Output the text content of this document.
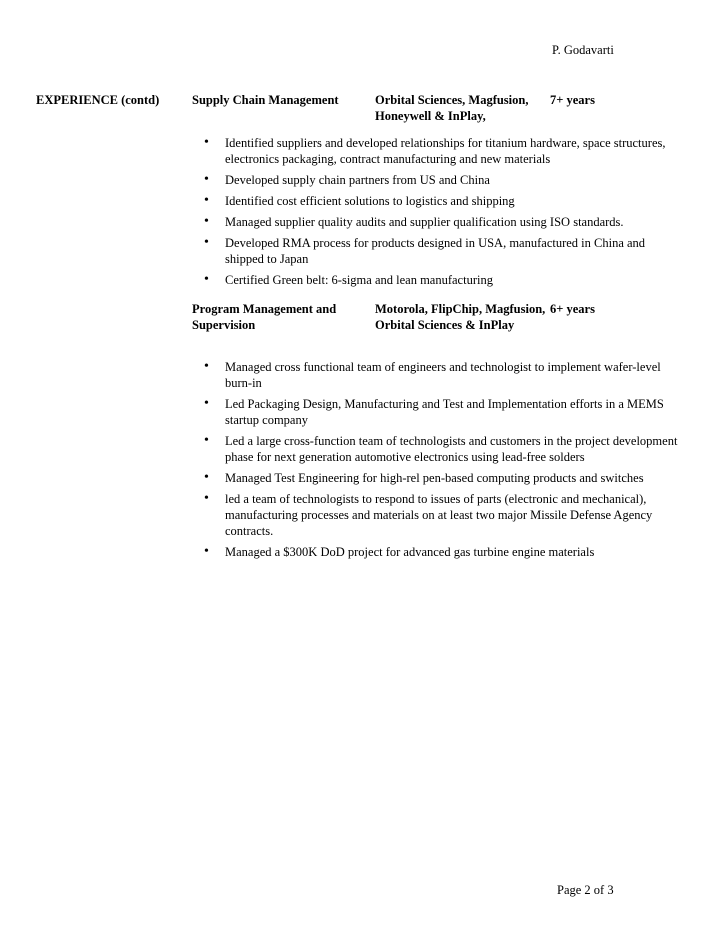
P. Godavarti
EXPERIENCE (contd)	Supply Chain Management	Orbital Sciences, Magfusion, Honeywell & InPlay,
7+ years
• Identified suppliers and developed relationships for titanium hardware, space structures, electronics packaging, contract manufacturing and new materials
• Developed supply chain partners from US and China
• Identified cost efficient solutions to logistics and shipping
• Managed supplier quality audits and supplier qualification using ISO standards.
• Developed RMA process for products designed in USA, manufactured in China and shipped to Japan
• Certified Green belt: 6-sigma and lean manufacturing
Program Management and Supervision
Motorola, FlipChip, Magfusion, Orbital Sciences & InPlay
6+ years
• Managed cross functional team of engineers and technologist to implement wafer-level burn-in
• Led Packaging Design, Manufacturing and Test and Implementation efforts in a MEMS startup company
• Led a large cross-function team of technologists and customers in the project development phase for next generation automotive electronics using lead-free solders
• Managed Test Engineering for high-rel pen-based computing products and switches
• led a team of technologists to respond to issues of parts (electronic and mechanical), manufacturing processes and materials on at least two major Missile Defense Agency contracts.
• Managed a $300K DoD project for advanced gas turbine engine materials
Page 2 of 3
